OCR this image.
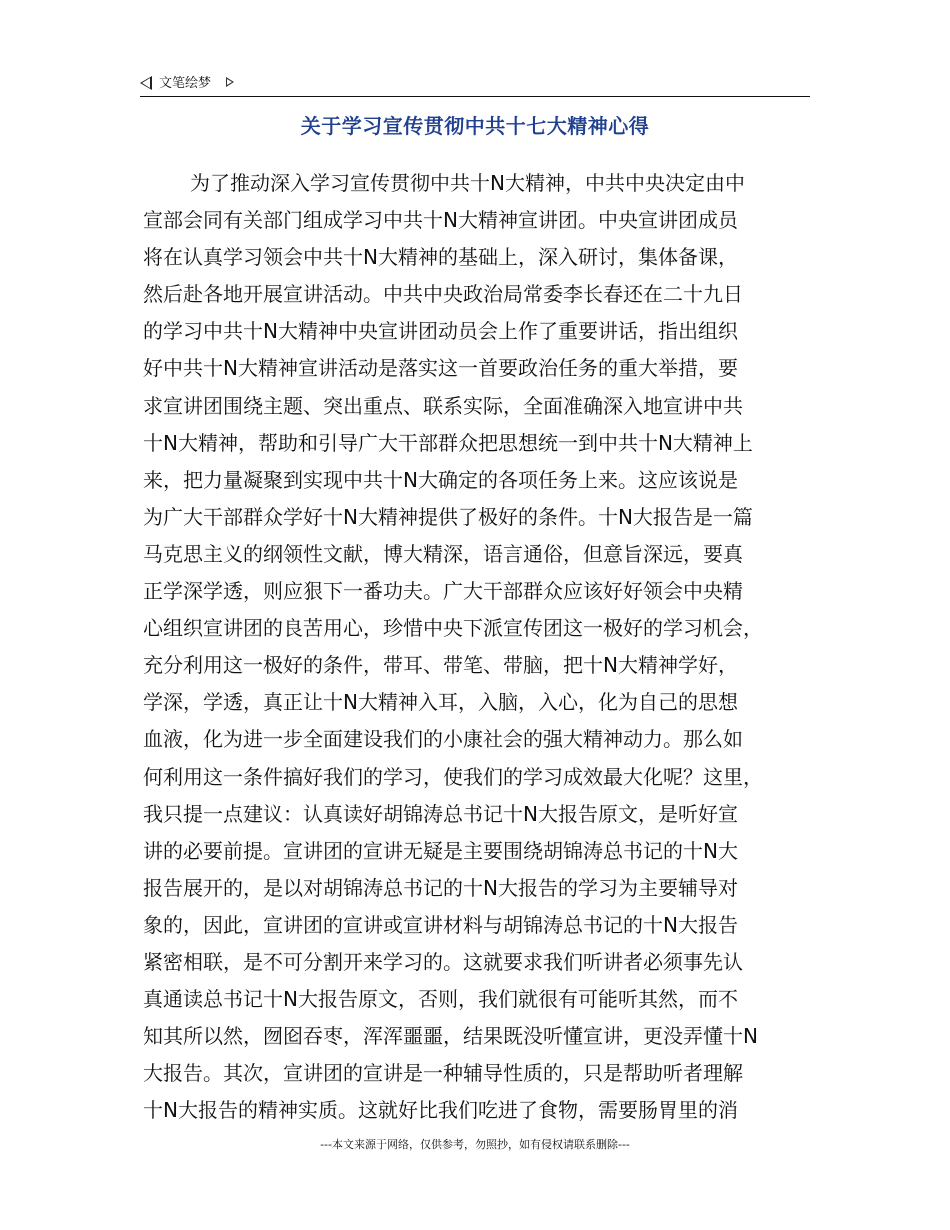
文笔绘梦
关于学习宣传贯彻中共十七大精神心得
为了推动深入学习宣传贯彻中共十N大精神，中共中央决定由中
宣部会同有关部门组成学习中共十N大精神宣讲团。中央宣讲团成员
将在认真学习领会中共十N大精神的基础上，深入研讨，集体备课，
然后赴各地开展宣讲活动。中共中央政治局常委李长春还在二十九日
的学习中共十N大精神中央宣讲团动员会上作了重要讲话，指出组织
好中共十N大精神宣讲活动是落实这一首要政治任务的重大举措，要
求宣讲团围绕主题、突出重点、联系实际，全面准确深入地宣讲中共
十N大精神，帮助和引导广大干部群众把思想统一到中共十N大精神上
来，把力量凝聚到实现中共十N大确定的各项任务上来。这应该说是
为广大干部群众学好十N大精神提供了极好的条件。十N大报告是一篇
马克思主义的纲领性文献，博大精深，语言通俗，但意旨深远，要真
正学深学透，则应狠下一番功夫。广大干部群众应该好好领会中央精
心组织宣讲团的良苦用心，珍惜中央下派宣传团这一极好的学习机会，
充分利用这一极好的条件，带耳、带笔、带脑，把十N大精神学好，
学深，学透，真正让十N大精神入耳，入脑，入心，化为自己的思想
血液，化为进一步全面建设我们的小康社会的强大精神动力。那么如
何利用这一条件搞好我们的学习，使我们的学习成效最大化呢？这里，
我只提一点建议：认真读好胡锦涛总书记十N大报告原文，是听好宣
讲的必要前提。宣讲团的宣讲无疑是主要围绕胡锦涛总书记的十N大
报告展开的，是以对胡锦涛总书记的十N大报告的学习为主要辅导对
象的，因此，宣讲团的宣讲或宣讲材料与胡锦涛总书记的十N大报告
紧密相联，是不可分割开来学习的。这就要求我们听讲者必须事先认
真通读总书记十N大报告原文，否则，我们就很有可能听其然，而不
知其所以然，囫囵吞枣，浑浑噩噩，结果既没听懂宣讲，更没弄懂十N
大报告。其次，宣讲团的宣讲是一种辅导性质的，只是帮助听者理解
十N大报告的精神实质。这就好比我们吃进了食物，需要肠胃里的消
---本文来源于网络，仅供参考，勿照抄，如有侵权请联系删除---
